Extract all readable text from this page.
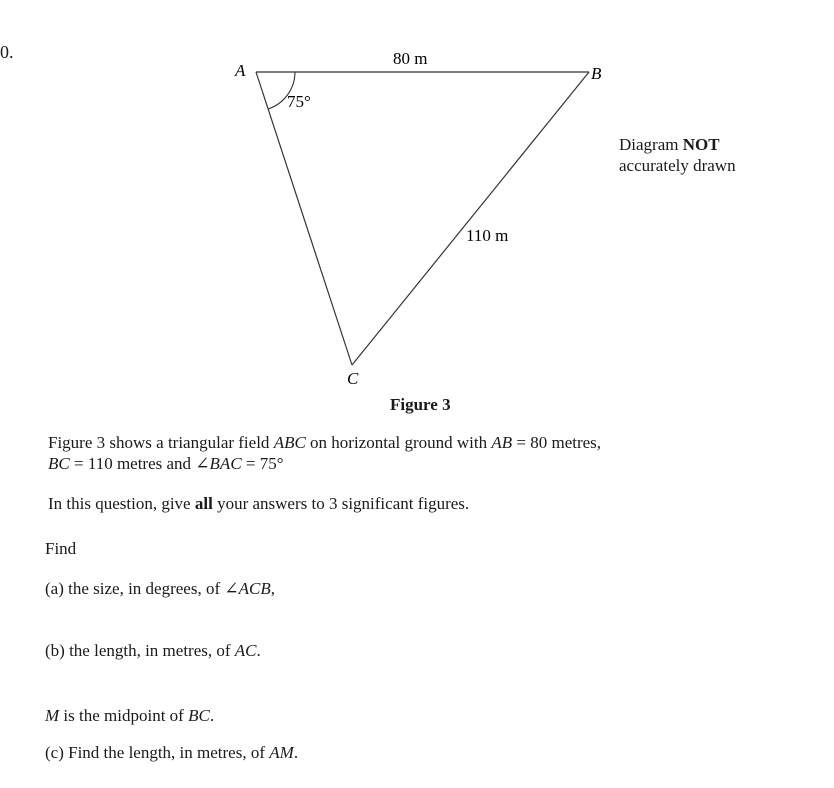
0.
A	B
C
80 m
110 m
75°
Diagram NOT
accurately drawn
Figure 3
Figure 3 shows a triangular field ABC on horizontal ground with AB = 80 metres,
BC = 110 metres and ∠BAC = 75°
In this question, give all your answers to 3 significant figures.
Find
(a) the size, in degrees, of ∠ACB,
(b) the length, in metres, of AC.
M is the midpoint of BC.
(c) Find the length, in metres, of AM.
